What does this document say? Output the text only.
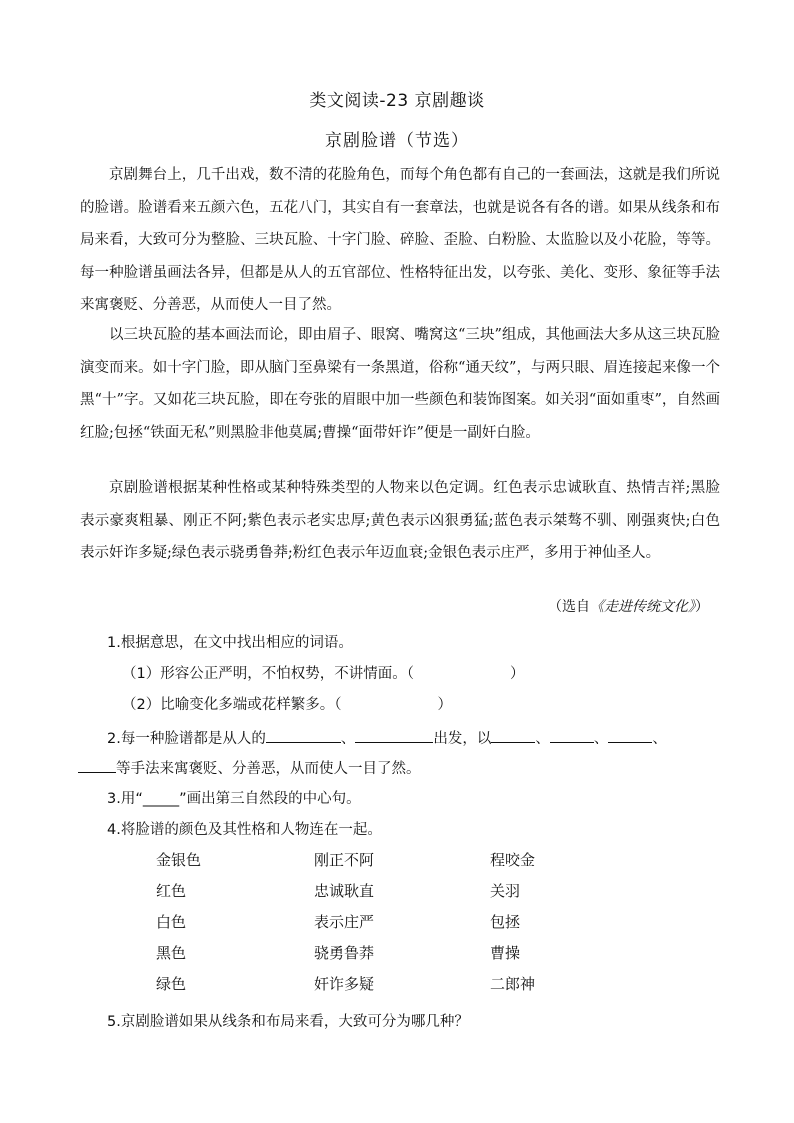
类文阅读-23 京剧趣谈
京剧脸谱（节选）

京剧舞台上，几千出戏，数不清的花脸角色，而每个角色都有自己的一套画法，这就是我们所说的脸谱。脸谱看来五颜六色，五花八门，其实自有一套章法，也就是说各有各的谱。如果从线条和布局来看，大致可分为整脸、三块瓦脸、十字门脸、碎脸、歪脸、白粉脸、太监脸以及小花脸，等等。每一种脸谱虽画法各异，但都是从人的五官部位、性格特征出发，以夸张、美化、变形、象征等手法来寓褒贬、分善恶，从而使人一目了然。

以三块瓦脸的基本画法而论，即由眉子、眼窝、嘴窝这“三块”组成，其他画法大多从这三块瓦脸演变而来。如十字门脸，即从脑门至鼻梁有一条黑道，俗称“通天纹”，与两只眼、眉连接起来像一个黑“十”字。又如花三块瓦脸，即在夸张的眉眼中加一些颜色和装饰图案。如关羽“面如重枣”，自然画红脸;包拯“铁面无私”则黑脸非他莫属;曹操“面带奸诈”便是一副奸白脸。

京剧脸谱根据某种性格或某种特殊类型的人物来以色定调。红色表示忠诚耿直、热情吉祥;黑脸表示豪爽粗暴、刚正不阿;紫色表示老实忠厚;黄色表示凶狠勇猛;蓝色表示桀骜不驯、刚强爽快;白色表示奸诈多疑;绿色表示骁勇鲁莽;粉红色表示年迈血衰;金银色表示庄严，多用于神仙圣人。

（选自《走进传统文化》）
1.根据意思，在文中找出相应的词语。
（1）形容公正严明，不怕权势，不讲情面。（	）
（2）比喻变化多端或花样繁多。（	）
2.每一种脸谱都是从人的	、	出发，以	、	、	、
等手法来寓褒贬、分善恶，从而使人一目了然。
3.用“_____”画出第三自然段的中心句。
4.将脸谱的颜色及其性格和人物连在一起。
金银色	刚正不阿	程咬金
红色	忠诚耿直	关羽
白色	表示庄严	包拯
黑色	骁勇鲁莽	曹操
绿色	奸诈多疑	二郎神
5.京剧脸谱如果从线条和布局来看，大致可分为哪几种？
